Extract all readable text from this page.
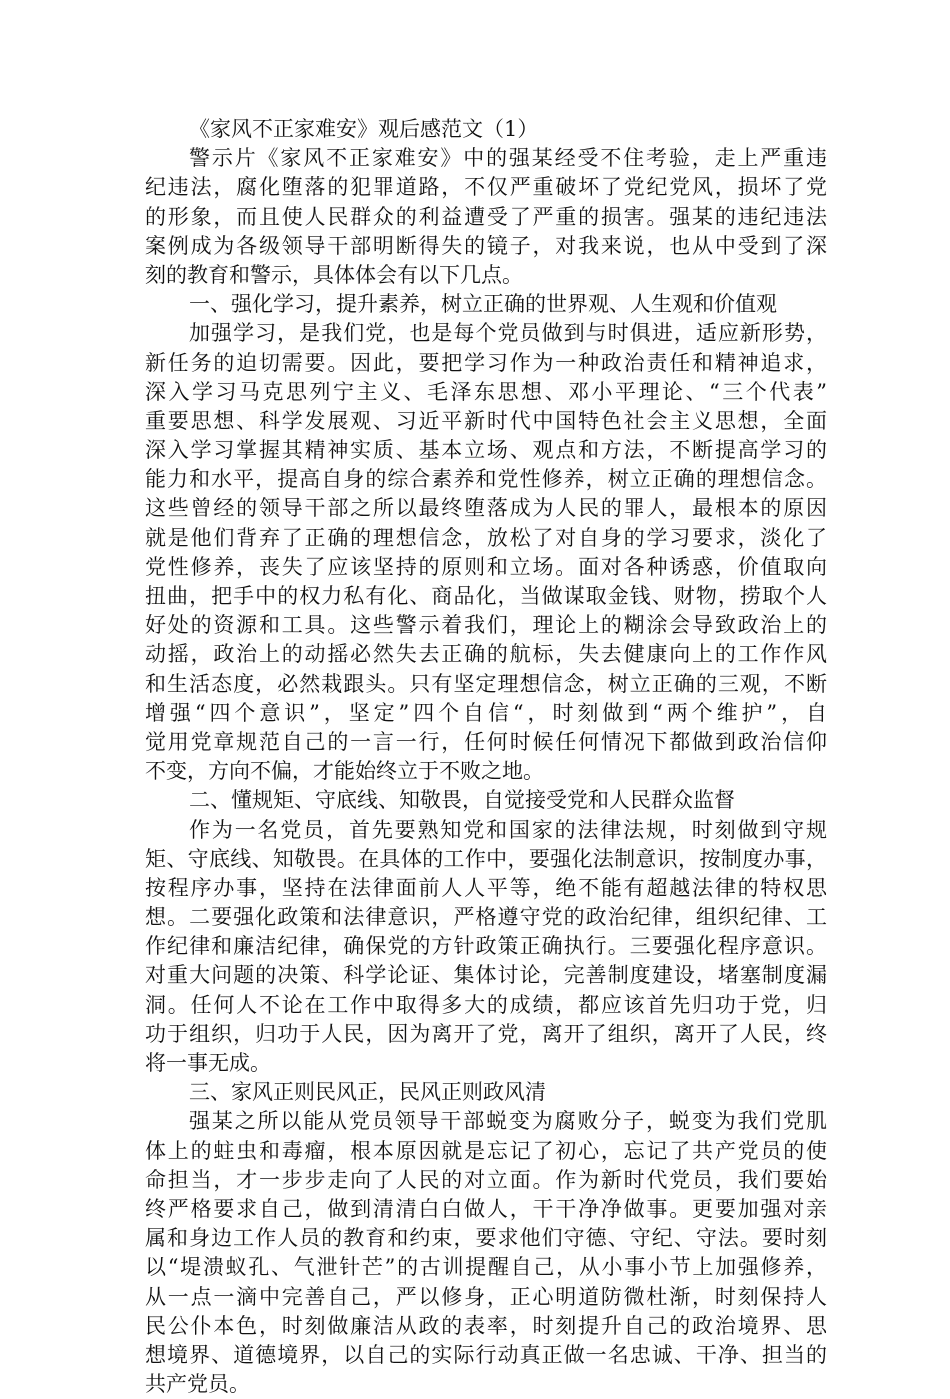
《家风不正家难安》观后感范文（1）
警示片《家风不正家难安》中的强某经受不住考验，走上严重违
纪违法，腐化堕落的犯罪道路，不仅严重破坏了党纪党风，损坏了党
的形象，而且使人民群众的利益遭受了严重的损害。强某的违纪违法
案例成为各级领导干部明断得失的镜子，对我来说，也从中受到了深
刻的教育和警示，具体体会有以下几点。
一、强化学习，提升素养，树立正确的世界观、人生观和价值观
加强学习，是我们党，也是每个党员做到与时俱进，适应新形势，
新任务的迫切需要。因此，要把学习作为一种政治责任和精神追求，
深入学习马克思列宁主义、毛泽东思想、邓小平理论、“三个代表”
重要思想、科学发展观、习近平新时代中国特色社会主义思想，全面
深入学习掌握其精神实质、基本立场、观点和方法，不断提高学习的
能力和水平，提高自身的综合素养和党性修养，树立正确的理想信念。
这些曾经的领导干部之所以最终堕落成为人民的罪人，最根本的原因
就是他们背弃了正确的理想信念，放松了对自身的学习要求，淡化了
党性修养，丧失了应该坚持的原则和立场。面对各种诱惑，价值取向
扭曲，把手中的权力私有化、商品化，当做谋取金钱、财物，捞取个人
好处的资源和工具。这些警示着我们，理论上的糊涂会导致政治上的
动摇，政治上的动摇必然失去正确的航标，失去健康向上的工作作风
和生活态度，必然栽跟头。只有坚定理想信念，树立正确的三观，不断
增强“四个意识”，坚定”四个自信“，时刻做到“两个维护”，自
觉用党章规范自己的一言一行，任何时候任何情况下都做到政治信仰
不变，方向不偏，才能始终立于不败之地。
二、懂规矩、守底线、知敬畏，自觉接受党和人民群众监督
作为一名党员，首先要熟知党和国家的法律法规，时刻做到守规
矩、守底线、知敬畏。在具体的工作中，要强化法制意识，按制度办事，
按程序办事，坚持在法律面前人人平等，绝不能有超越法律的特权思
想。二要强化政策和法律意识，严格遵守党的政治纪律，组织纪律、工
作纪律和廉洁纪律，确保党的方针政策正确执行。三要强化程序意识。
对重大问题的决策、科学论证、集体讨论，完善制度建设，堵塞制度漏
洞。任何人不论在工作中取得多大的成绩，都应该首先归功于党，归
功于组织，归功于人民，因为离开了党，离开了组织，离开了人民，终
将一事无成。
三、家风正则民风正，民风正则政风清
强某之所以能从党员领导干部蜕变为腐败分子，蜕变为我们党肌
体上的蛀虫和毒瘤，根本原因就是忘记了初心，忘记了共产党员的使
命担当，才一步步走向了人民的对立面。作为新时代党员，我们要始
终严格要求自己，做到清清白白做人，干干净净做事。更要加强对亲
属和身边工作人员的教育和约束，要求他们守德、守纪、守法。要时刻
以“堤溃蚁孔、气泄针芒”的古训提醒自己，从小事小节上加强修养，
从一点一滴中完善自己，严以修身，正心明道防微杜渐，时刻保持人
民公仆本色，时刻做廉洁从政的表率，时刻提升自己的政治境界、思
想境界、道德境界，以自己的实际行动真正做一名忠诚、干净、担当的
共产党员。
